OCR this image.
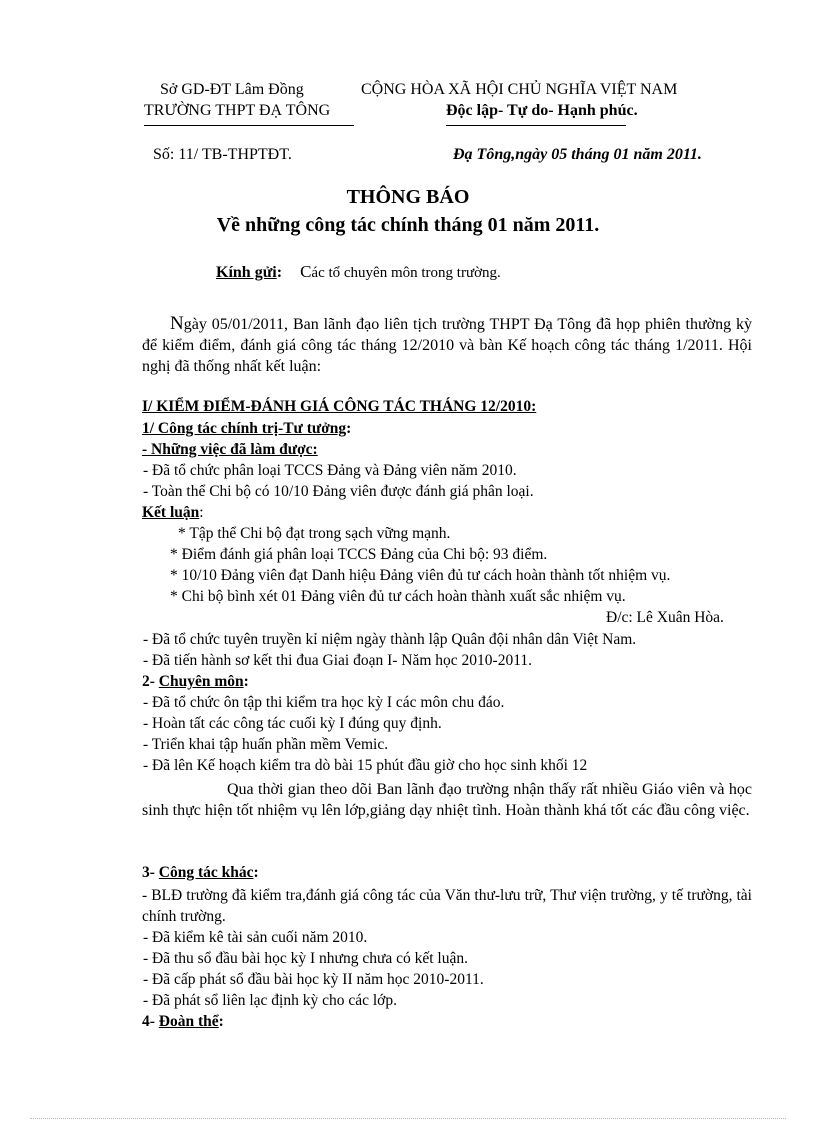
Sở GD-ĐT Lâm Đồng
TRƯỜNG THPT ĐẠ TÔNG
CỘNG HÒA XÃ HỘI CHỦ NGHĨA VIỆT NAM
Độc lập- Tự do- Hạnh phúc.
Số: 11/ TB-THPTĐT.	Đạ Tông,ngày 05 tháng 01 năm 2011.
THÔNG BÁO
Về những công tác chính tháng 01 năm 2011.
Kính gửi: Các tổ chuyên môn trong trường.
Ngày 05/01/2011, Ban lãnh đạo liên tịch trường THPT Đạ Tông đã họp phiên thường kỳ để kiểm điểm, đánh giá công tác tháng 12/2010 và bàn Kế hoạch công tác tháng 1/2011. Hội nghị đã thống nhất kết luận:
I/ KIỂM ĐIỂM-ĐÁNH GIÁ CÔNG TÁC THÁNG 12/2010:
1/ Công tác chính trị-Tư tưởng:
- Những việc đã làm được:
- Đã tổ chức phân loại TCCS Đảng và Đảng viên năm 2010.
- Toàn thể Chi bộ có 10/10 Đảng viên được đánh giá phân loại.
Kết luận:
* Tập thể Chi bộ đạt trong sạch vững mạnh.
* Điểm đánh giá phân loại TCCS Đảng của Chi bộ: 93 điểm.
* 10/10 Đảng viên đạt Danh hiệu Đảng viên đủ tư cách hoàn thành tốt nhiệm vụ.
* Chi bộ bình xét 01 Đảng viên đủ tư cách hoàn thành xuất sắc nhiệm vụ.
Đ/c: Lê Xuân Hòa.
- Đã tổ chức tuyên truyền kỉ niệm ngày thành lập Quân đội nhân dân Việt Nam.
- Đã tiến hành sơ kết thi đua Giai đoạn I- Năm học 2010-2011.
2- Chuyên môn:
- Đã tổ chức ôn tập thi kiểm tra học kỳ I các môn chu đáo.
- Hoàn tất các công tác cuối kỳ I đúng quy định.
- Triển khai tập huấn phần mềm Vemic.
- Đã lên Kế hoạch kiểm tra dò bài 15 phút đầu giờ cho học sinh khối 12
Qua thời gian theo dõi Ban lãnh đạo trường nhận thấy rất nhiều Giáo viên và học sinh thực hiện tốt nhiệm vụ lên lớp,giảng dạy nhiệt tình. Hoàn thành khá tốt các đầu công việc.
3- Công tác khác:
- BLĐ trường đã kiểm tra,đánh giá công tác của Văn thư-lưu trữ, Thư viện trường, y tế trường, tài chính trường.
- Đã kiểm kê tài sản cuối năm 2010.
- Đã thu sổ đầu bài học kỳ I nhưng chưa có kết luận.
- Đã cấp phát sổ đầu bài học kỳ II năm học 2010-2011.
- Đã phát sổ liên lạc định kỳ cho các lớp.
4- Đoàn thể:
